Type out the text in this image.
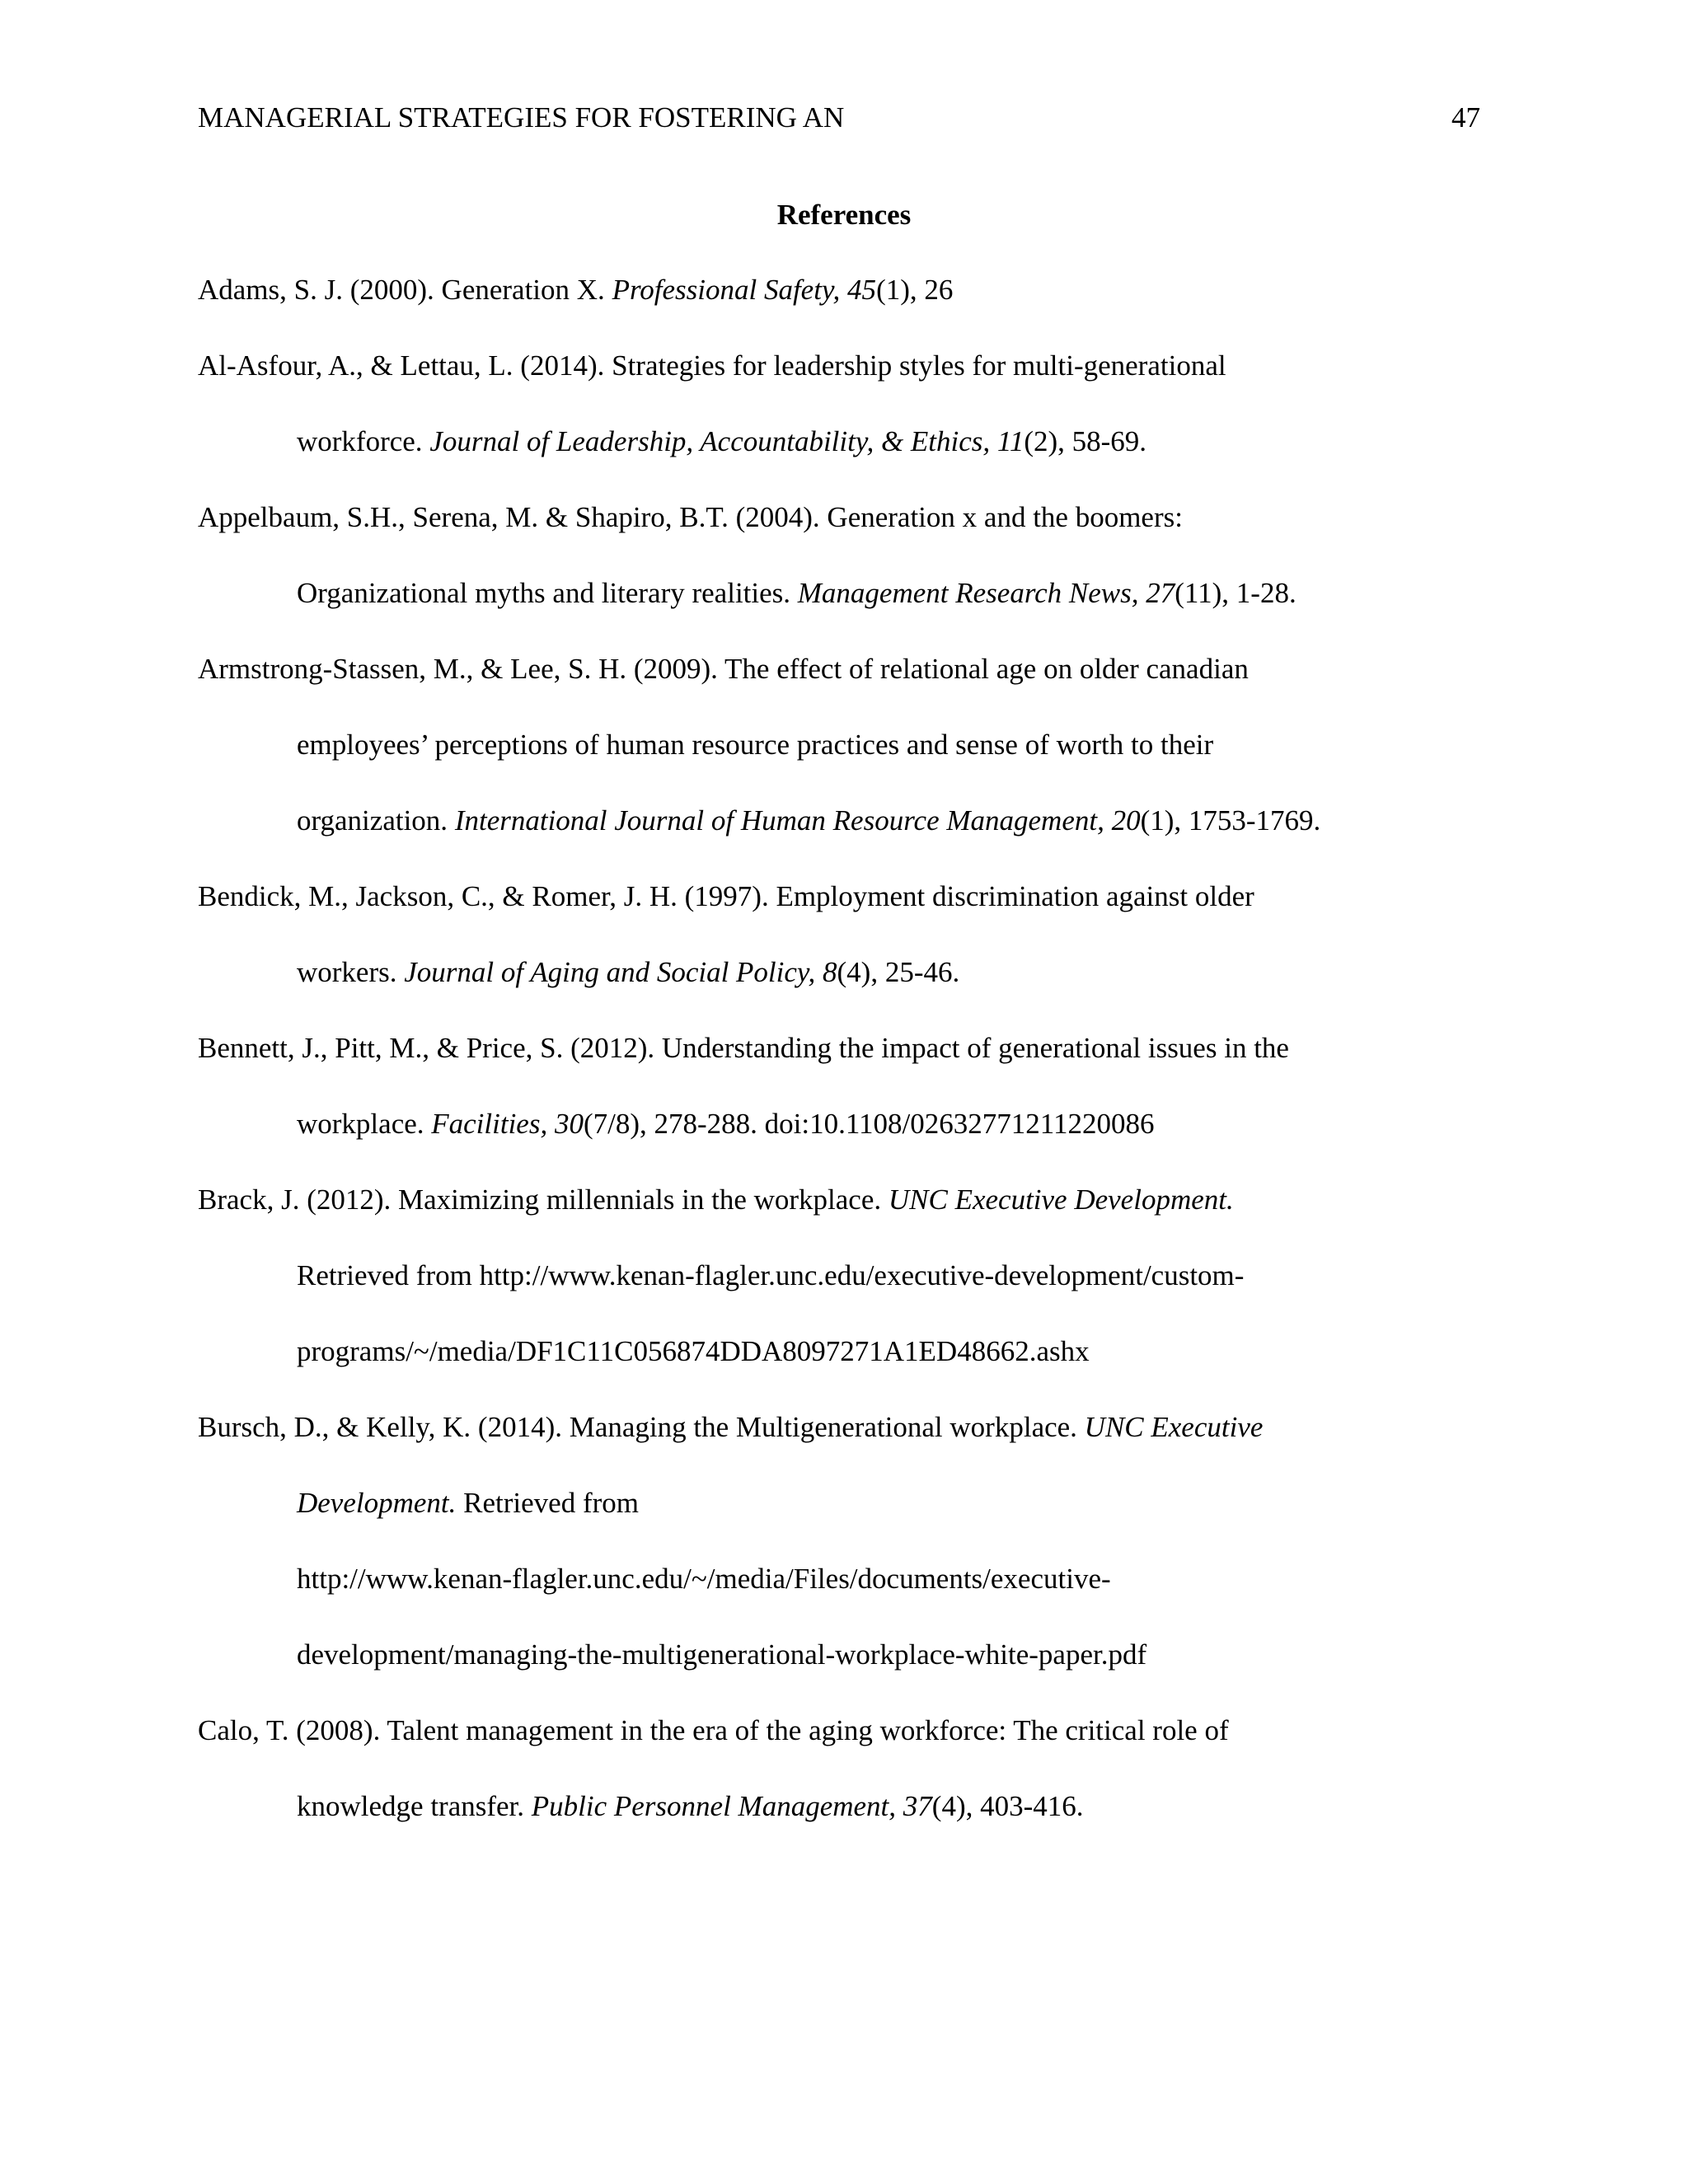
MANAGERIAL STRATEGIES FOR FOSTERING AN	47
References
Adams, S. J. (2000). Generation X. Professional Safety, 45(1), 26
Al-Asfour, A., & Lettau, L. (2014). Strategies for leadership styles for multi-generational
workforce. Journal of Leadership, Accountability, & Ethics, 11(2), 58-69.
Appelbaum, S.H., Serena, M. & Shapiro, B.T. (2004). Generation x and the boomers:
Organizational myths and literary realities. Management Research News, 27(11), 1-28.
Armstrong-Stassen, M., & Lee, S. H. (2009). The effect of relational age on older canadian
employees’ perceptions of human resource practices and sense of worth to their
organization. International Journal of Human Resource Management, 20(1), 1753-1769.
Bendick, M., Jackson, C., & Romer, J. H. (1997). Employment discrimination against older
workers. Journal of Aging and Social Policy, 8(4), 25-46.
Bennett, J., Pitt, M., & Price, S. (2012). Understanding the impact of generational issues in the
workplace. Facilities, 30(7/8), 278-288. doi:10.1108/02632771211220086
Brack, J. (2012). Maximizing millennials in the workplace. UNC Executive Development.
Retrieved from http://www.kenan-flagler.unc.edu/executive-development/custom-
programs/~/media/DF1C11C056874DDA8097271A1ED48662.ashx
Bursch, D., & Kelly, K. (2014). Managing the Multigenerational workplace. UNC Executive
Development. Retrieved from
http://www.kenan-flagler.unc.edu/~/media/Files/documents/executive-
development/managing-the-multigenerational-workplace-white-paper.pdf
Calo, T. (2008). Talent management in the era of the aging workforce: The critical role of
knowledge transfer. Public Personnel Management, 37(4), 403-416.
